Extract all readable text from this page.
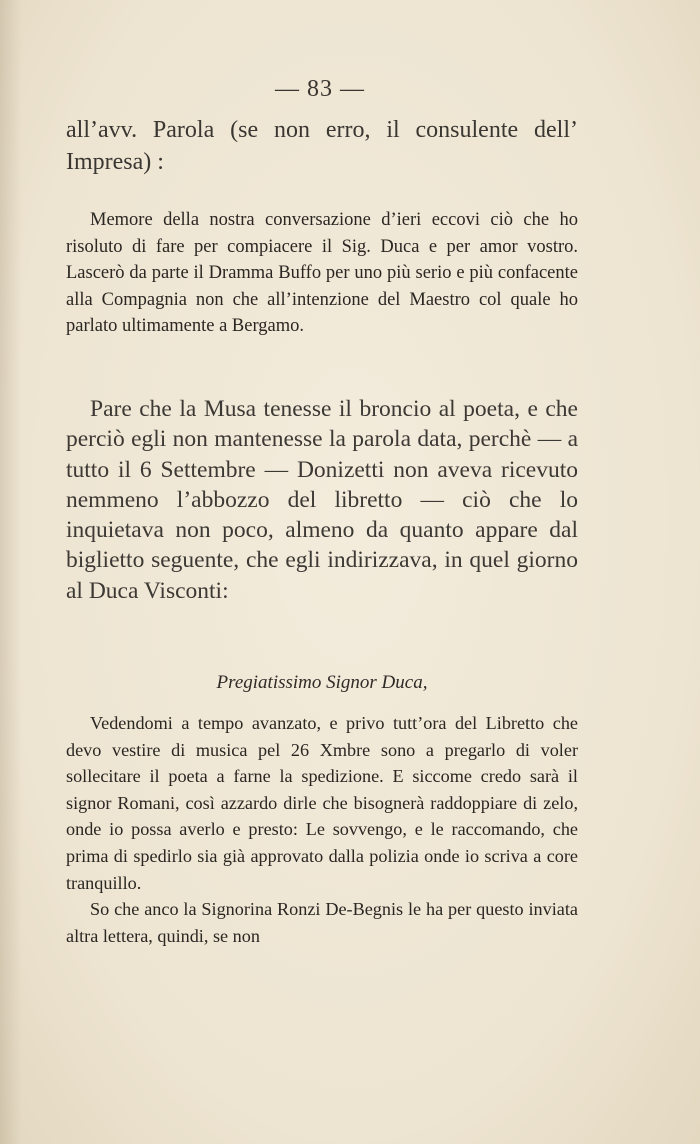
— 83 —

all’avv. Parola (se non erro, il consulente dell’ Impresa) :

Memore della nostra conversazione d’ieri eccovi ciò che ho risoluto di fare per compiacere il Sig. Duca e per amor vostro. Lascerò da parte il Dramma Buffo per uno più serio e più confacente alla Compagnia non che all’intenzione del Maestro col quale ho parlato ultimamente a Bergamo.

Pare che la Musa tenesse il broncio al poeta, e che perciò egli non mantenesse la parola data, perchè — a tutto il 6 Settembre — Donizetti non aveva ricevuto nemmeno l’abbozzo del libretto — ciò che lo inquietava non poco, almeno da quanto appare dal biglietto seguente, che egli indirizzava, in quel giorno al Duca Visconti:

Pregiatissimo Signor Duca,

Vedendomi a tempo avanzato, e privo tutt’ora del Libretto che devo vestire di musica pel 26 Xmbre sono a pregarlo di voler sollecitare il poeta a farne la spedizione. E siccome credo sarà il signor Romani, così azzardo dirle che bisognerà raddoppiare di zelo, onde io possa averlo e presto: Le sovvengo, e le raccomando, che prima di spedirlo sia già approvato dalla polizia onde io scriva a core tranquillo.

So che anco la Signorina Ronzi De-Begnis le ha per questo inviata altra lettera, quindi, se non
